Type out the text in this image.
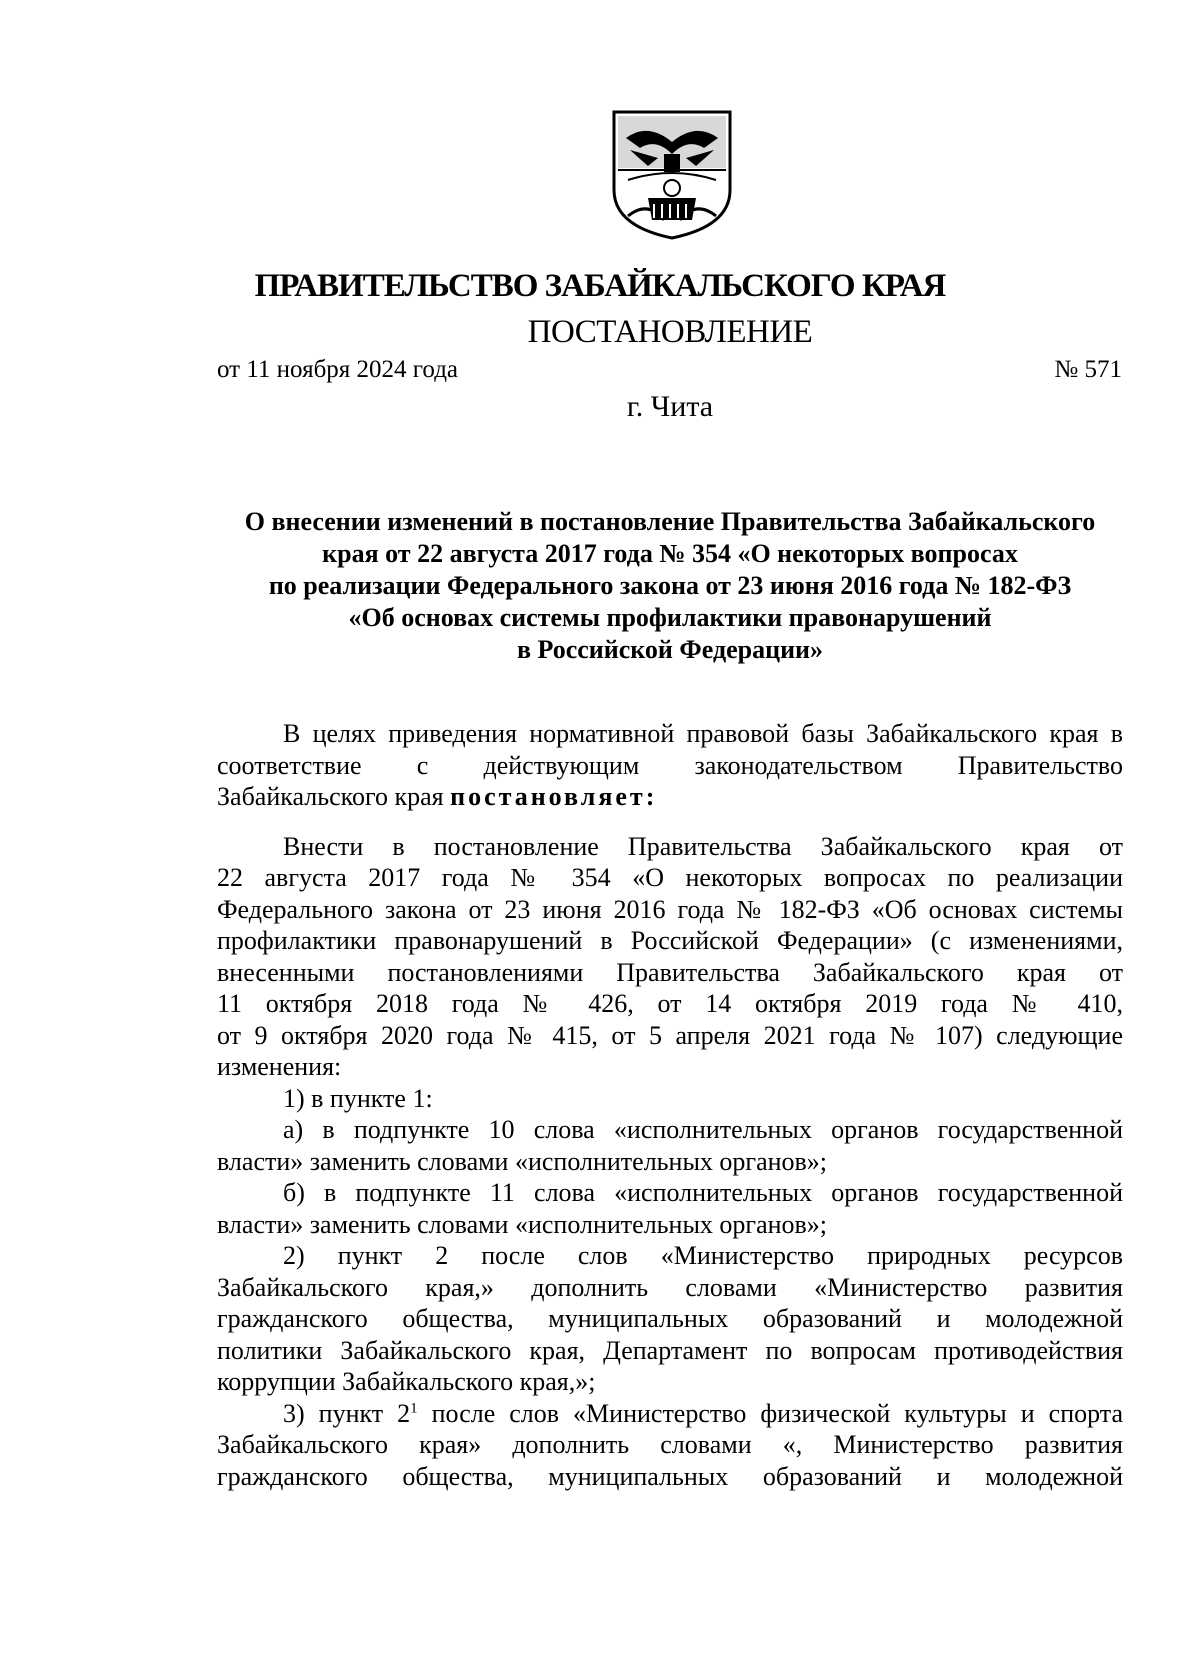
ПРАВИТЕЛЬСТВО ЗАБАЙКАЛЬСКОГО КРАЯ
ПОСТАНОВЛЕНИЕ
от 11 ноября 2024 года	№ 571
г. Чита
О внесении изменений в постановление Правительства Забайкальского
края от 22 августа 2017 года № 354 «О некоторых вопросах
по реализации Федерального закона от 23 июня 2016 года № 182-ФЗ
«Об основах системы профилактики правонарушений
в Российской Федерации»
В целях приведения нормативной правовой базы Забайкальского края в
соответствие с действующим законодательством Правительство
Забайкальского края постановляет:
Внести в постановление Правительства Забайкальского края от
22 августа 2017 года № 354 «О некоторых вопросах по реализации
Федерального закона от 23 июня 2016 года № 182-ФЗ «Об основах системы
профилактики правонарушений в Российской Федерации» (с изменениями,
внесенными постановлениями Правительства Забайкальского края от
11 октября 2018 года № 426, от 14 октября 2019 года № 410,
от 9 октября 2020 года № 415, от 5 апреля 2021 года № 107) следующие
изменения:
1) в пункте 1:
а) в подпункте 10 слова «исполнительных органов государственной
власти» заменить словами «исполнительных органов»;
б) в подпункте 11 слова «исполнительных органов государственной
власти» заменить словами «исполнительных органов»;
2) пункт 2 после слов «Министерство природных ресурсов
Забайкальского края,» дополнить словами «Министерство развития
гражданского общества, муниципальных образований и молодежной
политики Забайкальского края, Департамент по вопросам противодействия
коррупции Забайкальского края,»;
3) пункт $2^1$ после слов «Министерство физической культуры и спорта
Забайкальского края» дополнить словами «, Министерство развития
гражданского общества, муниципальных образований и молодежной
